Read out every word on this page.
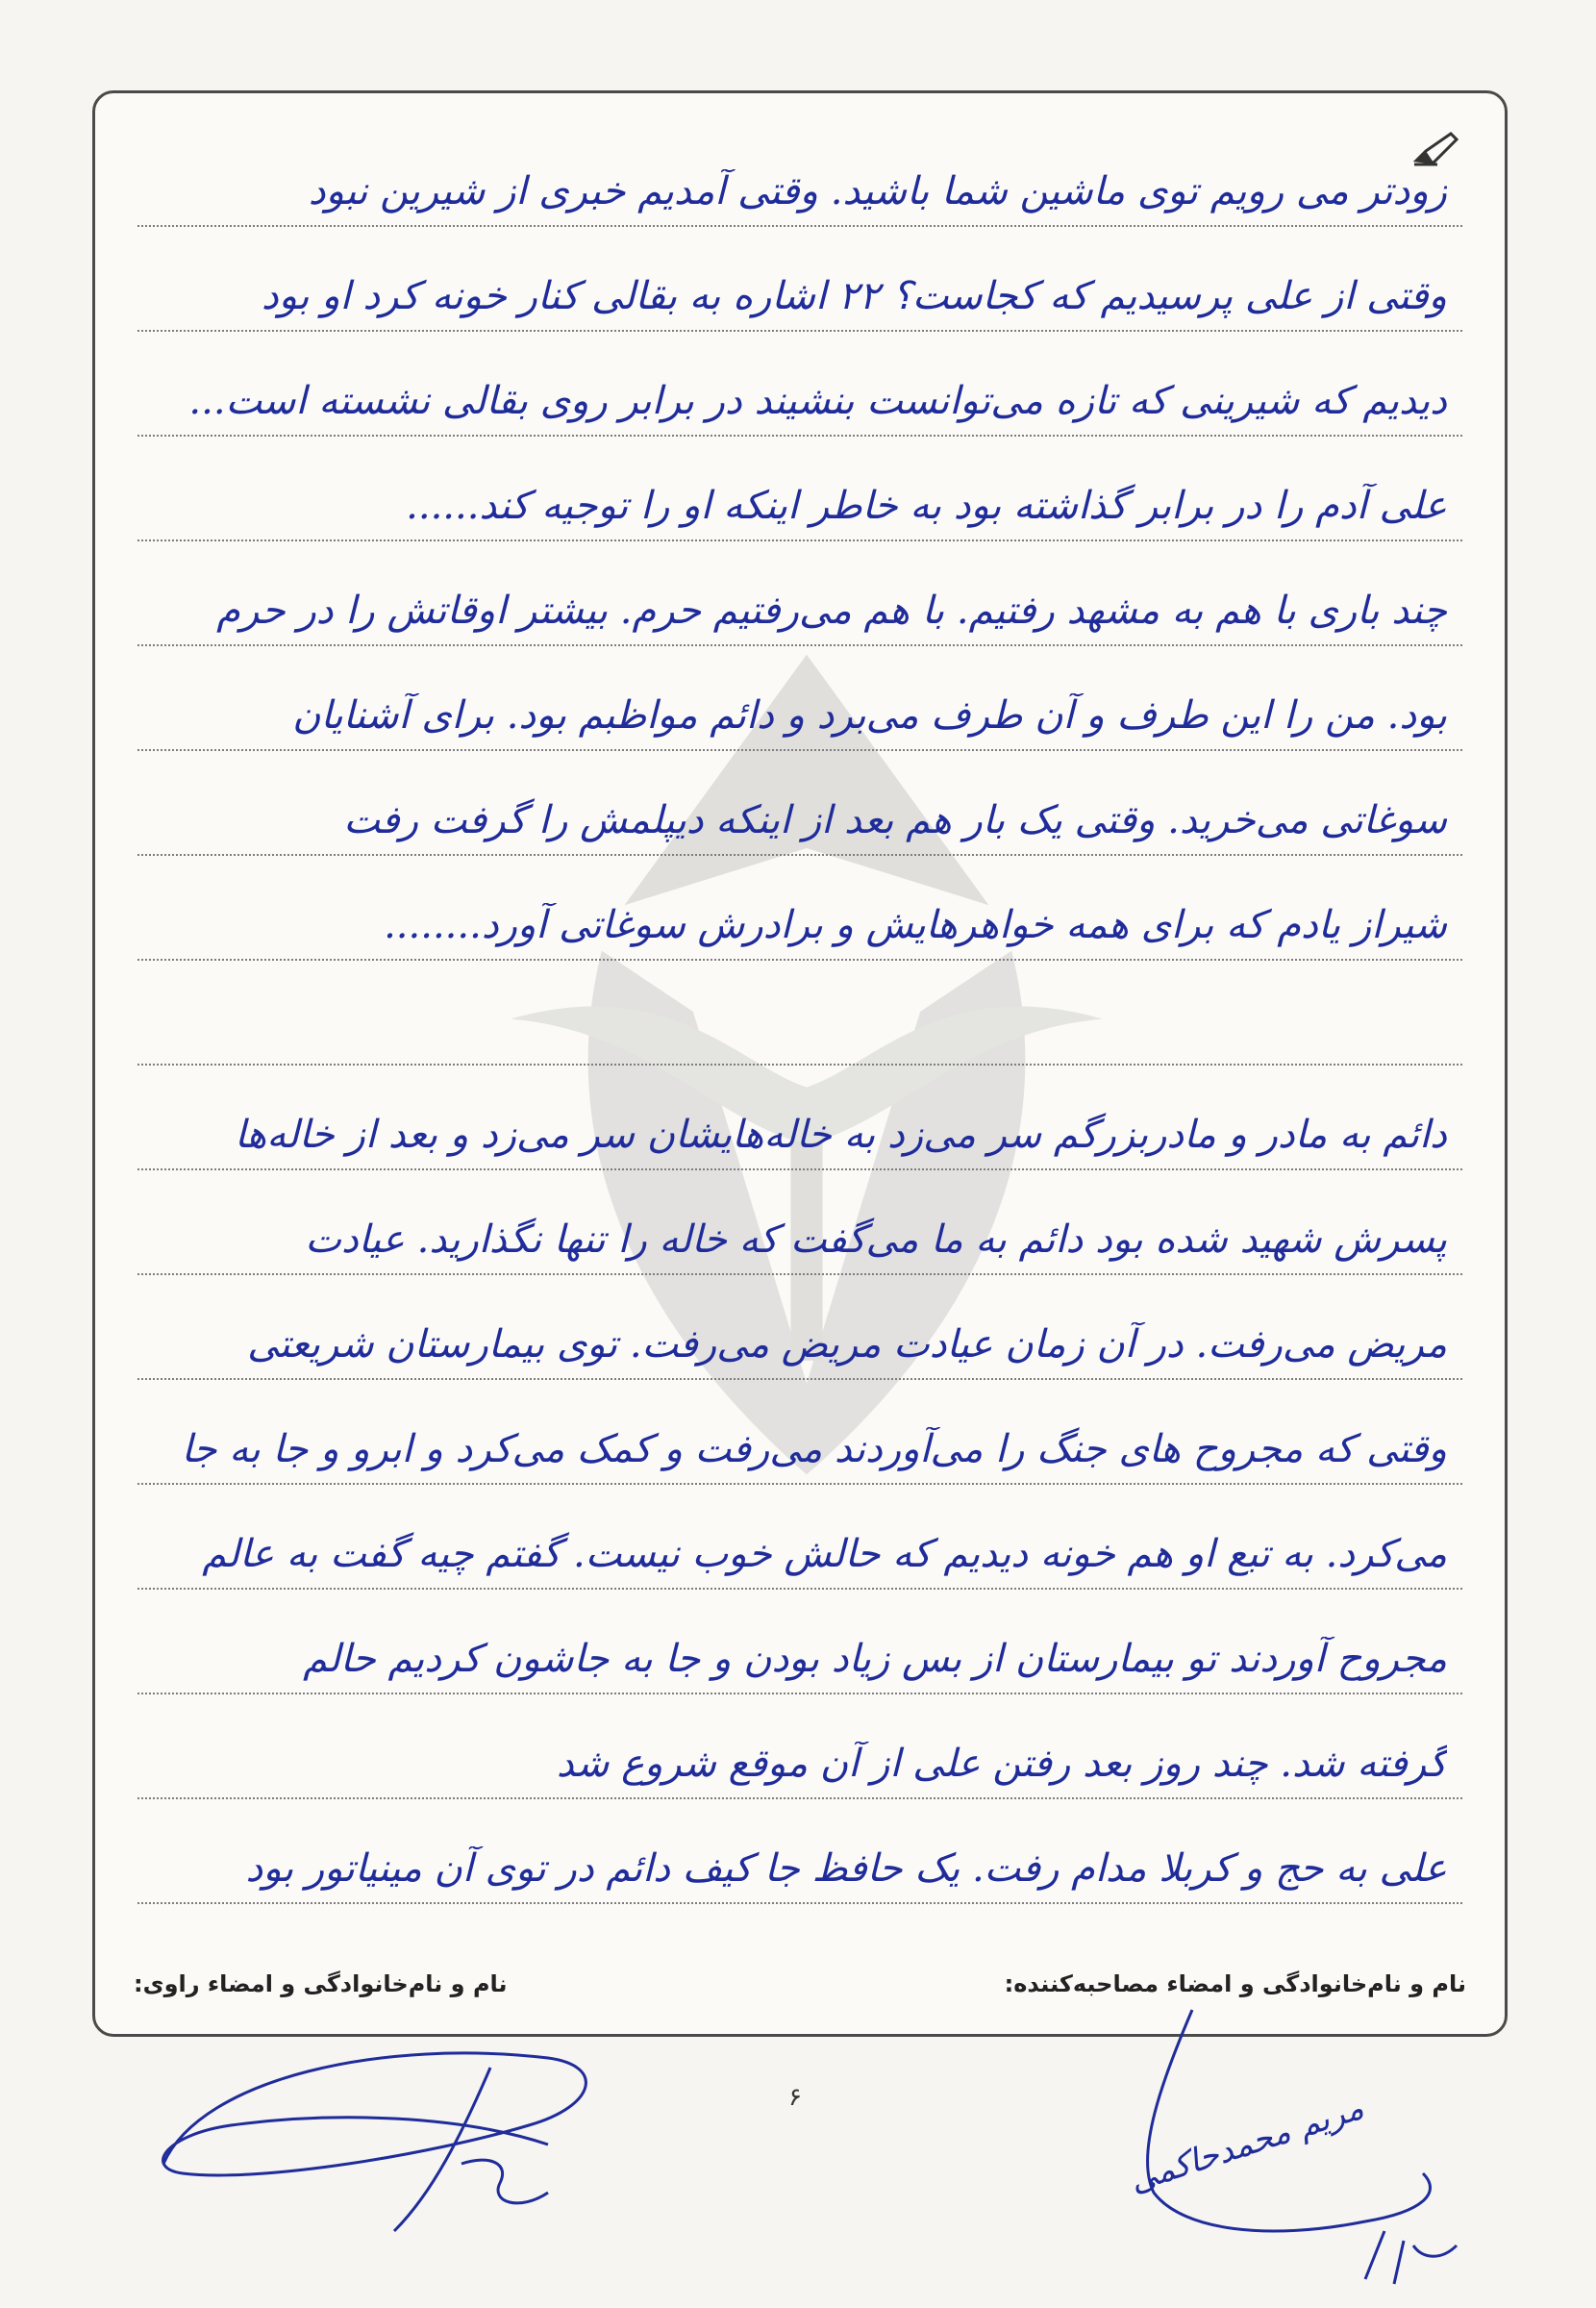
زودتر می رویم توی ماشین شما باشید. وقتی آمدیم خبری از شیرین نبود
وقتی از علی پرسیدیم که کجاست؟ ۲۲ اشاره به بقالی کنار خونه کرد او بود
دیدیم که شیرینی که تازه می‌توانست بنشیند در برابر روی بقالی نشسته است...
علی آدم را در برابر گذاشته بود به خاطر اینکه او را توجیه کند......
چند باری با هم به مشهد رفتیم. با هم می‌رفتیم حرم. بیشتر اوقاتش را در حرم
بود. من را این طرف و آن طرف می‌برد و دائم مواظبم بود. برای آشنایان
سوغاتی می‌خرید. وقتی یک بار هم بعد از اینکه دیپلمش را گرفت رفت
شیراز یادم که برای همه خواهرهایش و برادرش سوغاتی آورد........
دائم به مادر و مادربزرگم سر می‌زد به خاله‌هایشان سر می‌زد و بعد از خاله‌ها
پسرش شهید شده بود دائم به ما می‌گفت که خاله را تنها نگذارید. عیادت
مریض می‌رفت. در آن زمان عیادت مریض می‌رفت. توی بیمارستان شریعتی
وقتی که مجروح های جنگ را می‌آوردند می‌رفت و کمک می‌کرد و ابرو و جا به جا
می‌کرد. به تبع او هم خونه دیدیم که حالش خوب نیست. گفتم چیه گفت به عالم
مجروح آوردند تو بیمارستان از بس زیاد بودن و جا به جاشون کردیم حالم
گرفته شد. چند روز بعد رفتن علی از آن موقع شروع شد
علی به حج و کربلا مدام رفت. یک حافظ جا کیف دائم در توی آن مینیاتور بود
نام و نام‌خانوادگی و امضاء مصاحبه‌کننده:
نام و نام‌خانوادگی و امضاء راوی:
۶	مریم محمدحاکمی
